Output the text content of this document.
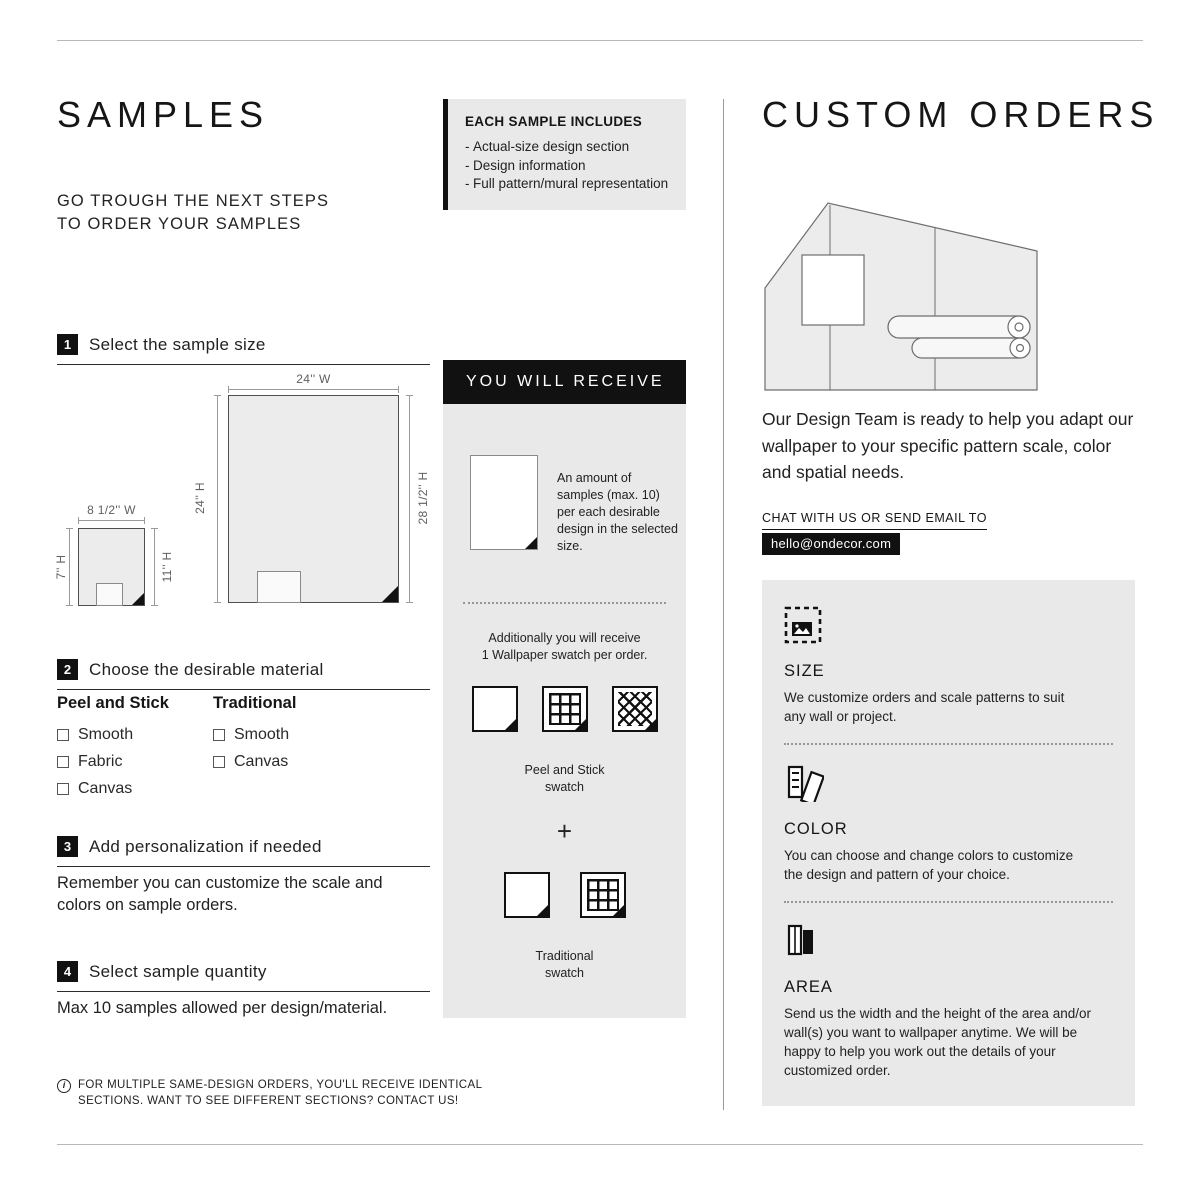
SAMPLES
GO TROUGH THE NEXT STEPS
TO ORDER YOUR SAMPLES
1	Select the sample size
24'' W
24'' H	28 1/2'' H
8 1/2'' W
7'' H	11'' H
2	Choose the desirable material
Peel and Stick
Smooth
Fabric
Canvas
Traditional
Smooth
Canvas
3	Add personalization if needed
Remember you can customize the scale and colors on sample orders.
4	Select sample quantity
Max 10 samples allowed per design/material.
i	FOR MULTIPLE SAME-DESIGN ORDERS, YOU'LL RECEIVE IDENTICAL
SECTIONS. WANT TO SEE DIFFERENT SECTIONS? CONTACT US!
EACH SAMPLE INCLUDES
- Actual-size design section
- Design information
- Full pattern/mural representation
YOU WILL RECEIVE
An amount of samples (max. 10) per each desirable design in the selected size.
Additionally you will receive
1 Wallpaper swatch per order.
Peel and Stick
swatch
+
Traditional
swatch
CUSTOM ORDERS
Our Design Team is ready to help you adapt our wallpaper to your specific pattern scale, color and spatial needs.
CHAT WITH US OR SEND EMAIL TO
hello@ondecor.com
SIZE
We customize orders and scale patterns to suit any wall or project.
COLOR
You can choose and change colors to customize the design and pattern of your choice.
AREA
Send us the width and the height of the area and/or wall(s) you want to wallpaper anytime. We will be happy to help you work out the details of your customized order.
